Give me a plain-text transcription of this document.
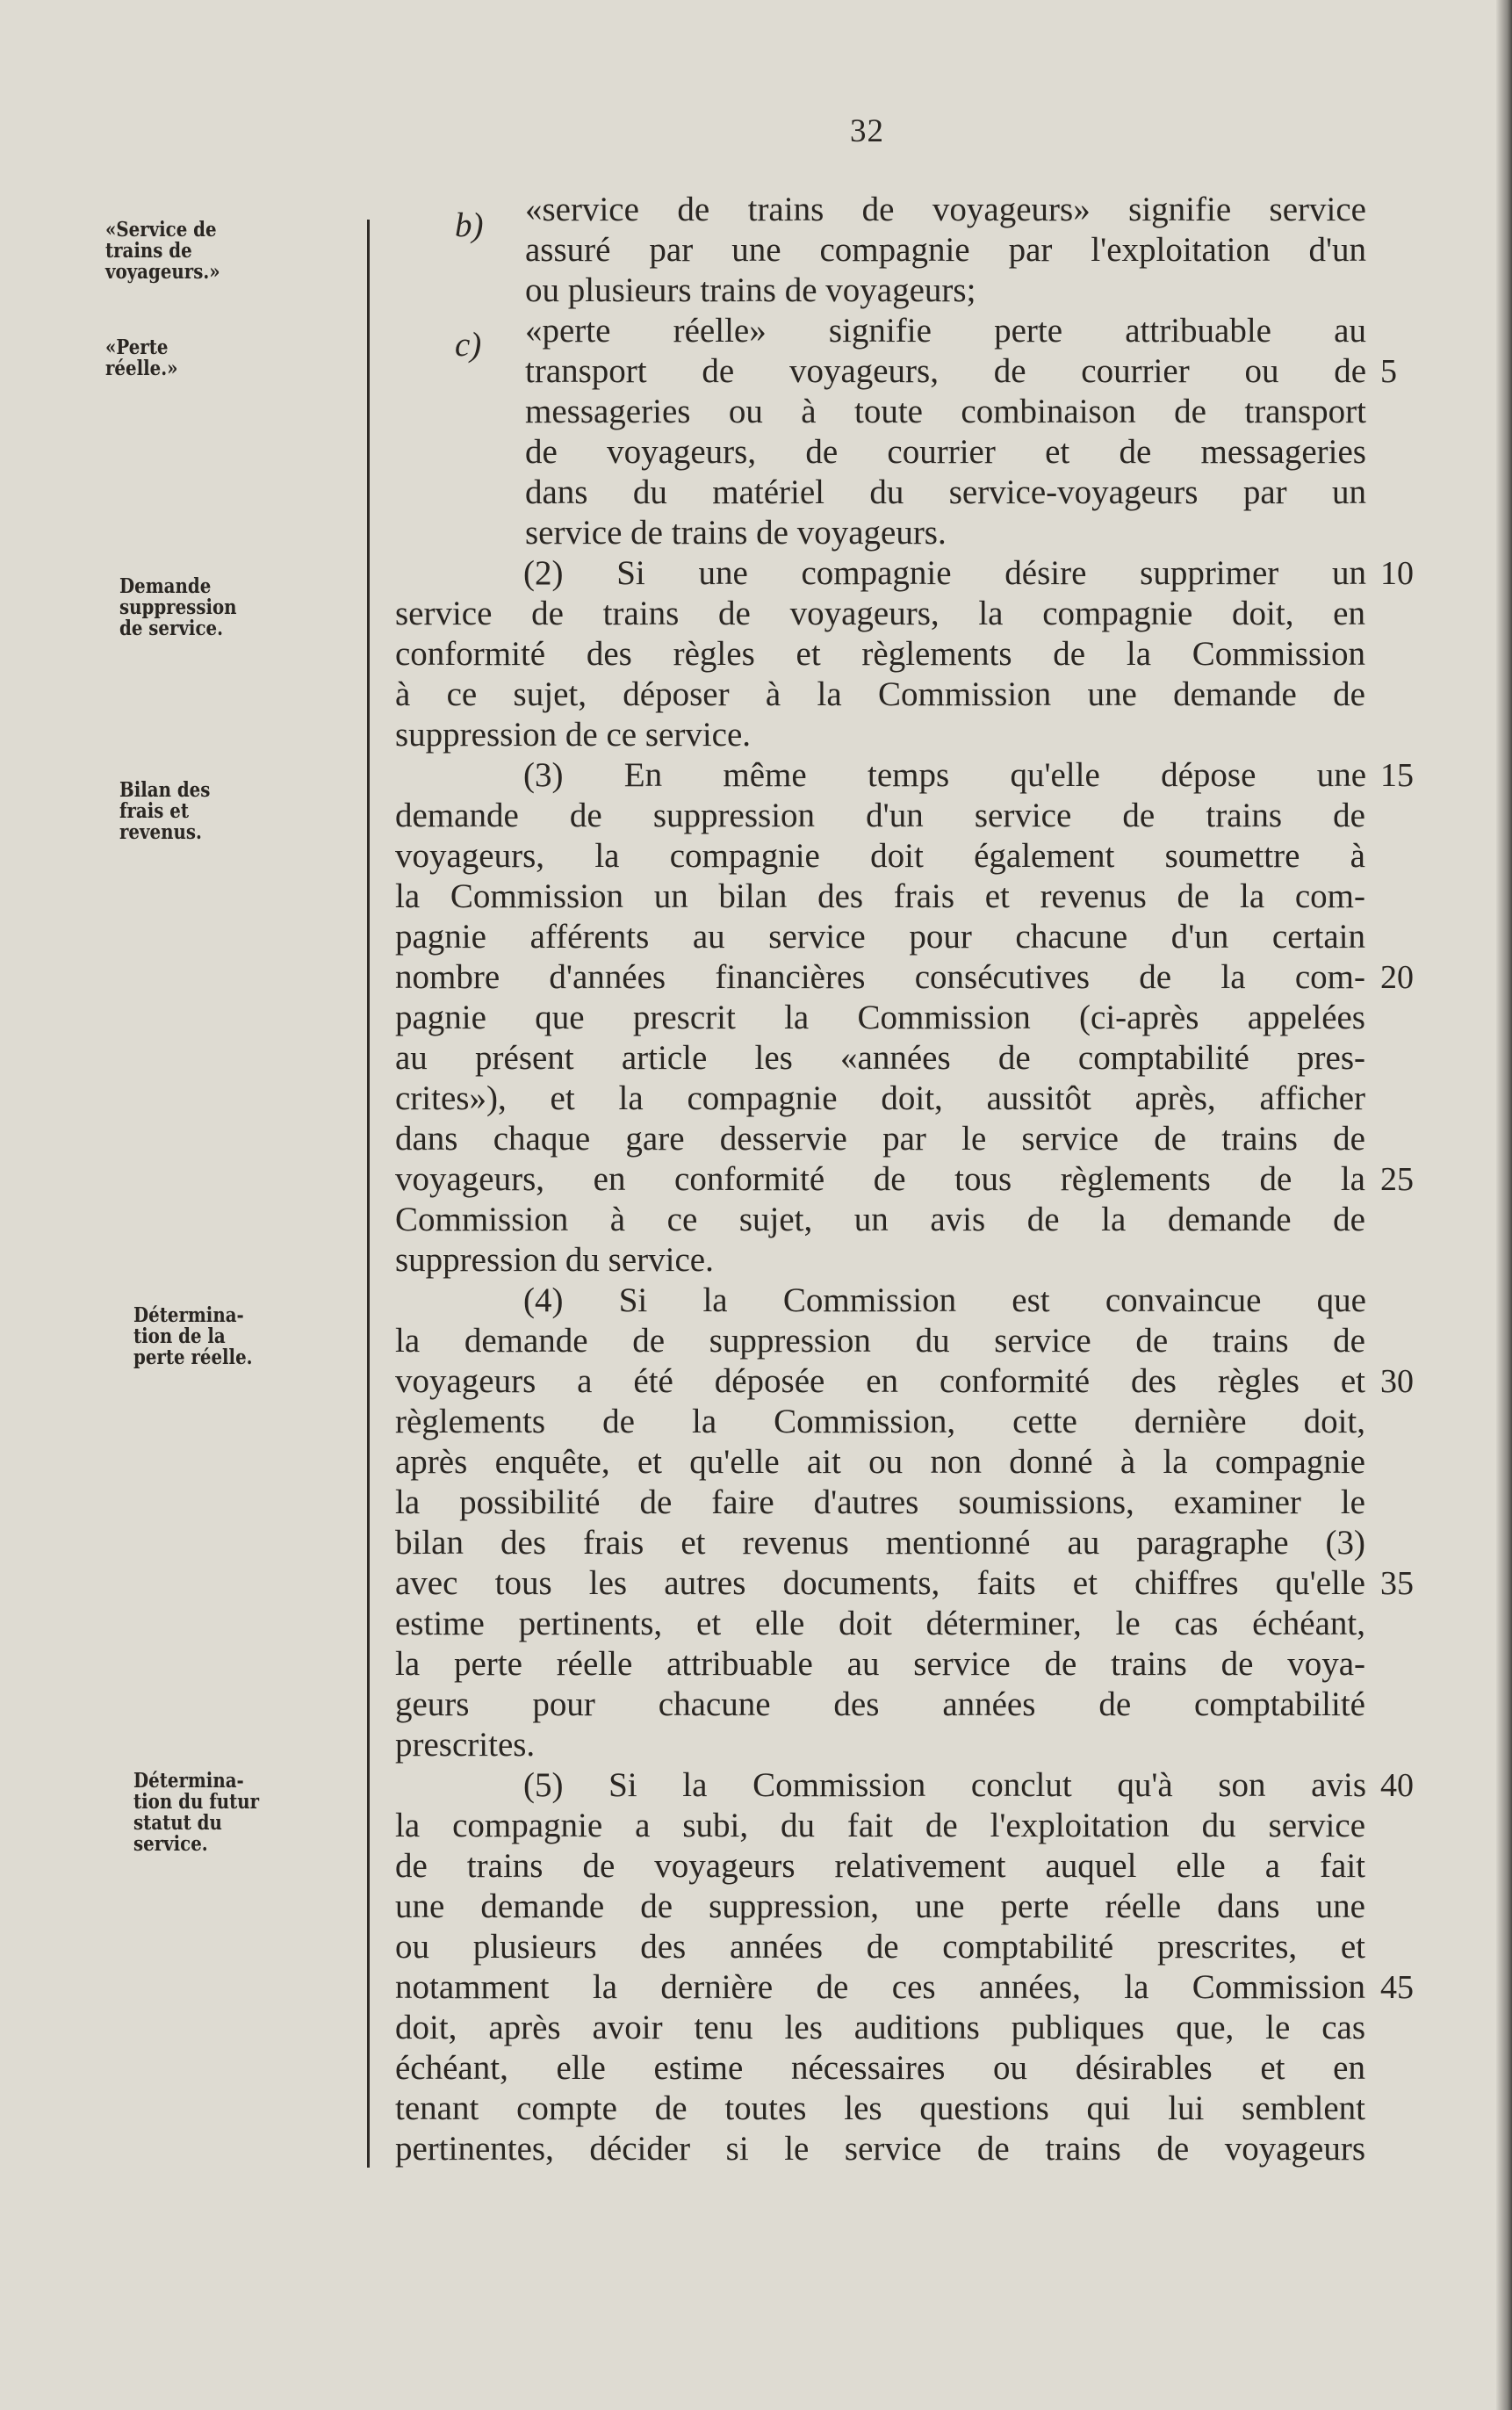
32
«Service de
trains de
voyageurs.»
«Perte
réelle.»
Demande
suppression
de service.
Bilan des
frais et
revenus.
Détermina-
tion de la
perte réelle.
Détermina-
tion du futur
statut du
service.
b)
c)
«service de trains de voyageurs» signifie service
assuré par une compagnie par l'exploitation d'un
ou plusieurs trains de voyageurs;
«perte réelle» signifie perte attribuable au
transport de voyageurs, de courrier ou de
messageries ou à toute combinaison de transport
de voyageurs, de courrier et de messageries
dans du matériel du service-voyageurs par un
service de trains de voyageurs.
(2) Si une compagnie désire supprimer un
service de trains de voyageurs, la compagnie doit, en
conformité des règles et règlements de la Commission
à ce sujet, déposer à la Commission une demande de
suppression de ce service.
(3) En même temps qu'elle dépose une
demande de suppression d'un service de trains de
voyageurs, la compagnie doit également soumettre à
la Commission un bilan des frais et revenus de la com-
pagnie afférents au service pour chacune d'un certain
nombre d'années financières consécutives de la com-
pagnie que prescrit la Commission (ci-après appelées
au présent article les «années de comptabilité pres-
crites»), et la compagnie doit, aussitôt après, afficher
dans chaque gare desservie par le service de trains de
voyageurs, en conformité de tous règlements de la
Commission à ce sujet, un avis de la demande de
suppression du service.
(4) Si la Commission est convaincue que
la demande de suppression du service de trains de
voyageurs a été déposée en conformité des règles et
règlements de la Commission, cette dernière doit,
après enquête, et qu'elle ait ou non donné à la compagnie
la possibilité de faire d'autres soumissions, examiner le
bilan des frais et revenus mentionné au paragraphe (3)
avec tous les autres documents, faits et chiffres qu'elle
estime pertinents, et elle doit déterminer, le cas échéant,
la perte réelle attribuable au service de trains de voya-
geurs pour chacune des années de comptabilité
prescrites.
(5) Si la Commission conclut qu'à son avis
la compagnie a subi, du fait de l'exploitation du service
de trains de voyageurs relativement auquel elle a fait
une demande de suppression, une perte réelle dans une
ou plusieurs des années de comptabilité prescrites, et
notamment la dernière de ces années, la Commission
doit, après avoir tenu les auditions publiques que, le cas
échéant, elle estime nécessaires ou désirables et en
tenant compte de toutes les questions qui lui semblent
pertinentes, décider si le service de trains de voyageurs
5
10
15
20
25
30
35
40
45
